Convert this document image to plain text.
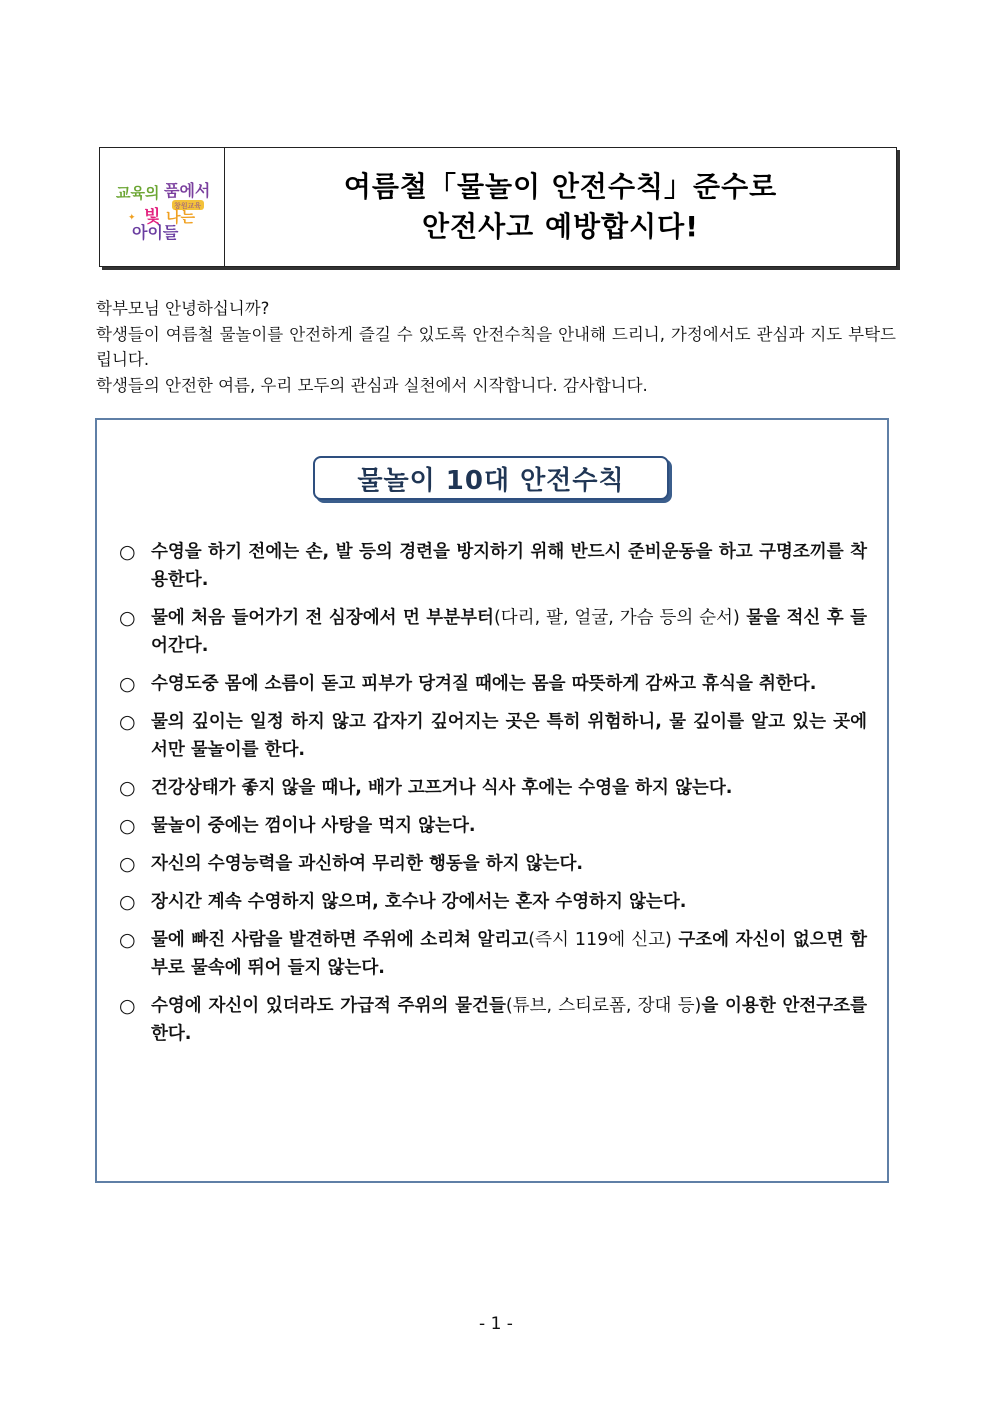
교육의 품에서
창원교육
✦ 빛 나는
아이들
여름철「물놀이 안전수칙」준수로
안전사고 예방합시다!

학부모님 안녕하십니까?

학생들이 여름철 물놀이를 안전하게 즐길 수 있도록 안전수칙을 안내해 드리니, 가정에서도 관심과 지도 부탁드립니다.

학생들의 안전한 여름, 우리 모두의 관심과 실천에서 시작합니다. 감사합니다.

물놀이 10대 안전수칙
○ 수영을 하기 전에는 손, 발 등의 경련을 방지하기 위해 반드시 준비운동을 하고 구명조끼를 착용한다.
○ 물에 처음 들어가기 전 심장에서 먼 부분부터(다리, 팔, 얼굴, 가슴 등의 순서) 물을 적신 후 들어간다.
○ 수영도중 몸에 소름이 돋고 피부가 당겨질 때에는 몸을 따뜻하게 감싸고 휴식을 취한다.
○ 물의 깊이는 일정 하지 않고 갑자기 깊어지는 곳은 특히 위험하니, 물 깊이를 알고 있는 곳에서만 물놀이를 한다.
○ 건강상태가 좋지 않을 때나, 배가 고프거나 식사 후에는 수영을 하지 않는다.
○ 물놀이 중에는 껌이나 사탕을 먹지 않는다.
○ 자신의 수영능력을 과신하여 무리한 행동을 하지 않는다.
○ 장시간 계속 수영하지 않으며, 호수나 강에서는 혼자 수영하지 않는다.
○ 물에 빠진 사람을 발견하면 주위에 소리쳐 알리고(즉시 119에 신고) 구조에 자신이 없으면 함부로 물속에 뛰어 들지 않는다.
○ 수영에 자신이 있더라도 가급적 주위의 물건들(튜브, 스티로폼, 장대 등)을 이용한 안전구조를 한다.
- 1 -
